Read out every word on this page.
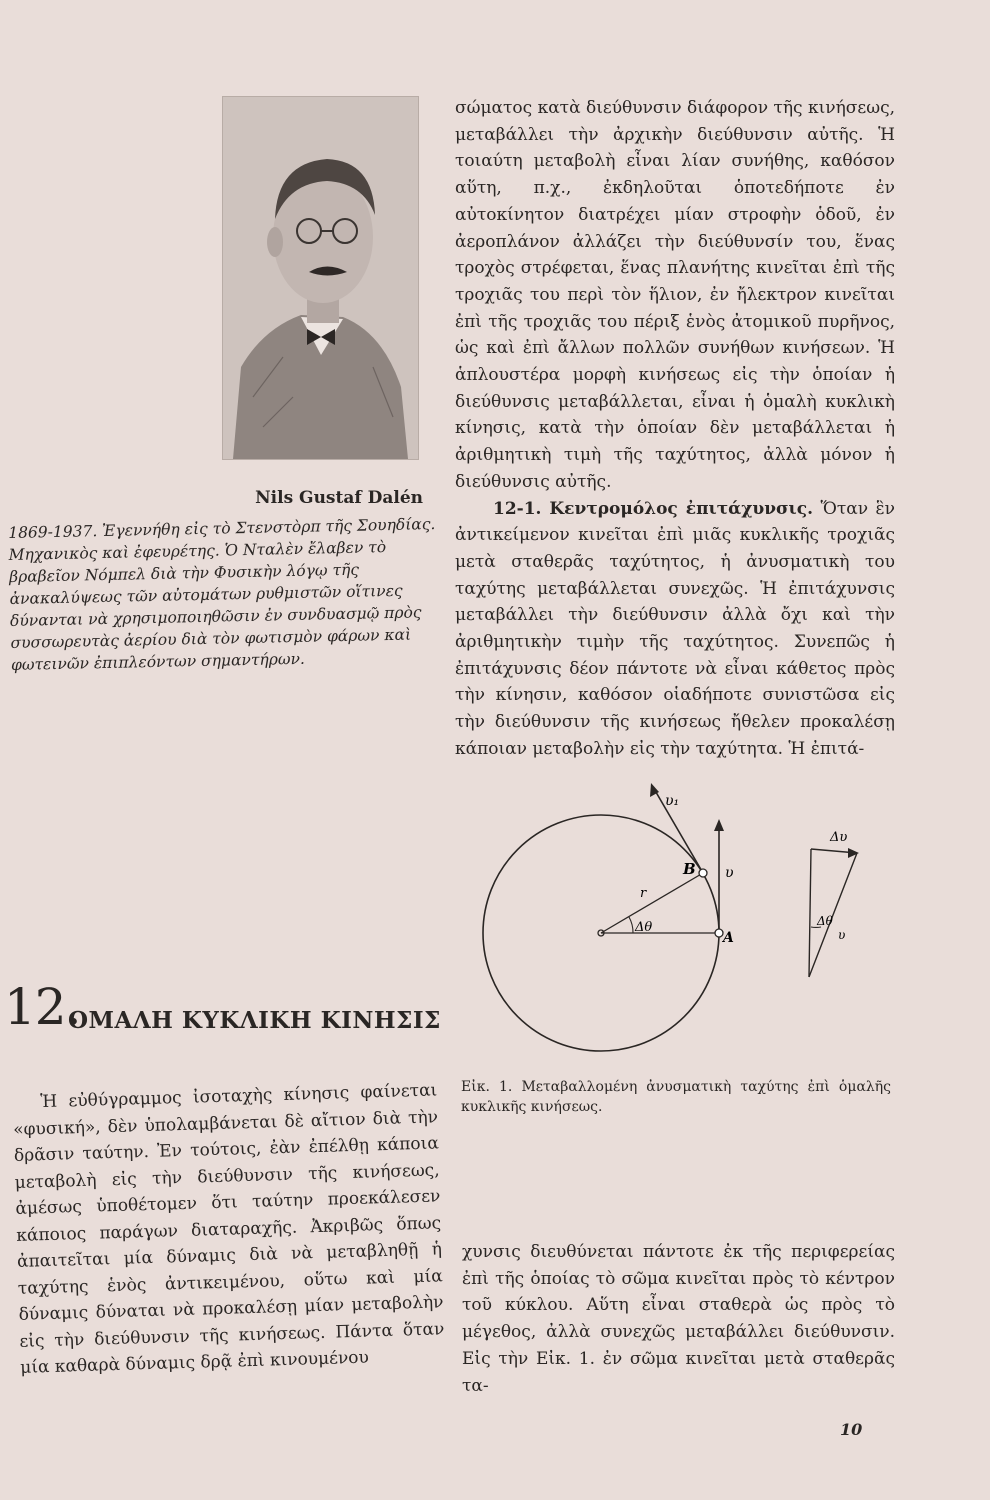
Nils Gustaf Dalén
1869-1937. Ἐγεννήθη εἰς τὸ Στενστὸρπ τῆς Σουηδίας. Μηχανικὸς καὶ ἐφευρέτης. Ὁ Νταλὲν ἔλαβεν τὸ βραβεῖον Νόμπελ διὰ τὴν Φυσικὴν λόγῳ τῆς ἀνακαλύψεως τῶν αὐτομάτων ρυθμιστῶν οἵτινες δύνανται νὰ χρησιμοποιηθῶσιν ἐν συνδυασμῷ πρὸς συσσωρευτὰς ἀερίου διὰ τὸν φωτισμὸν φάρων καὶ φωτεινῶν ἐπιπλεόντων σημαντήρων.
12.
ΟΜΑΛΗ ΚΥΚΛΙΚΗ ΚΙΝΗΣΙΣ

Ἡ εὐθύγραμμος ἰσοταχὴς κίνησις φαίνεται «φυσική», δὲν ὑπολαμβάνεται δὲ αἴτιον διὰ τὴν δρᾶσιν ταύτην. Ἐν τούτοις, ἐὰν ἐπέλθῃ κάποια μεταβολὴ εἰς τὴν διεύθυνσιν τῆς κινήσεως, ἀμέσως ὑποθέτομεν ὅτι ταύτην προεκάλεσεν κάποιος παράγων διαταραχῆς. Ἀκριβῶς ὅπως ἀπαιτεῖται μία δύναμις διὰ νὰ μεταβληθῇ ἡ ταχύτης ἑνὸς ἀντικειμένου, οὕτω καὶ μία δύναμις δύναται νὰ προκαλέσῃ μίαν μεταβολὴν εἰς τὴν διεύθυνσιν τῆς κινήσεως. Πάντα ὅταν μία καθαρὰ δύναμις δρᾷ ἐπὶ κινουμένου

σώματος κατὰ διεύθυνσιν διάφορον τῆς κινήσεως, μεταβάλλει τὴν ἀρχικὴν διεύθυνσιν αὐτῆς. Ἡ τοιαύτη μεταβολὴ εἶναι λίαν συνήθης, καθόσον αὕτη, π.χ., ἐκδηλοῦται ὁποτεδήποτε ἐν αὐτοκίνητον διατρέχει μίαν στροφὴν ὁδοῦ, ἐν ἀεροπλάνον ἀλλάζει τὴν διεύθυνσίν του, ἕνας τροχὸς στρέφεται, ἕνας πλανήτης κινεῖται ἐπὶ τῆς τροχιᾶς του περὶ τὸν ἥλιον, ἐν ἤλεκτρον κινεῖται ἐπὶ τῆς τροχιᾶς του πέριξ ἑνὸς ἀτομικοῦ πυρῆνος, ὡς καὶ ἐπὶ ἄλλων πολλῶν συνήθων κινήσεων. Ἡ ἁπλουστέρα μορφὴ κινήσεως εἰς τὴν ὁποίαν ἡ διεύθυνσις μεταβάλλεται, εἶναι ἡ ὁμαλὴ κυκλικὴ κίνησις, κατὰ τὴν ὁποίαν δὲν μεταβάλλεται ἡ ἀριθμητικὴ τιμὴ τῆς ταχύτητος, ἀλλὰ μόνον ἡ διεύθυνσις αὐτῆς.

12-1. Κεντρομόλος ἐπιτάχυνσις. Ὅταν ἓν ἀντικείμενον κινεῖται ἐπὶ μιᾶς κυκλικῆς τροχιᾶς μετὰ σταθερᾶς ταχύτητος, ἡ ἀνυσματικὴ του ταχύτης μεταβάλλεται συνεχῶς. Ἡ ἐπιτάχυνσις μεταβάλλει τὴν διεύθυνσιν ἀλλὰ ὄχι καὶ τὴν ἀριθμητικὴν τιμὴν τῆς ταχύτητος. Συνεπῶς ἡ ἐπιτάχυνσις δέον πάντοτε νὰ εἶναι κάθετος πρὸς τὴν κίνησιν, καθόσον οἱαδήποτε συνιστῶσα εἰς τὴν διεύθυνσιν τῆς κινήσεως ἤθελεν προκαλέσῃ κάποιαν μεταβολὴν εἰς τὴν ταχύτητα. Ἡ ἐπιτά-

υ₁
υ
B
A
r
Δθ
Δυ
Δθ
υ

Εἰκ. 1. Μεταβαλλομένη ἀνυσματικὴ ταχύτης ἐπὶ ὁμαλῆς κυκλικῆς κινήσεως.

χυνσις διευθύνεται πάντοτε ἐκ τῆς περιφερείας ἐπὶ τῆς ὁποίας τὸ σῶμα κινεῖται πρὸς τὸ κέντρον τοῦ κύκλου. Αὕτη εἶναι σταθερὰ ὡς πρὸς τὸ μέγεθος, ἀλλὰ συνεχῶς μεταβάλλει διεύθυνσιν. Εἰς τὴν Εἰκ. 1. ἐν σῶμα κινεῖται μετὰ σταθερᾶς τα-

10
